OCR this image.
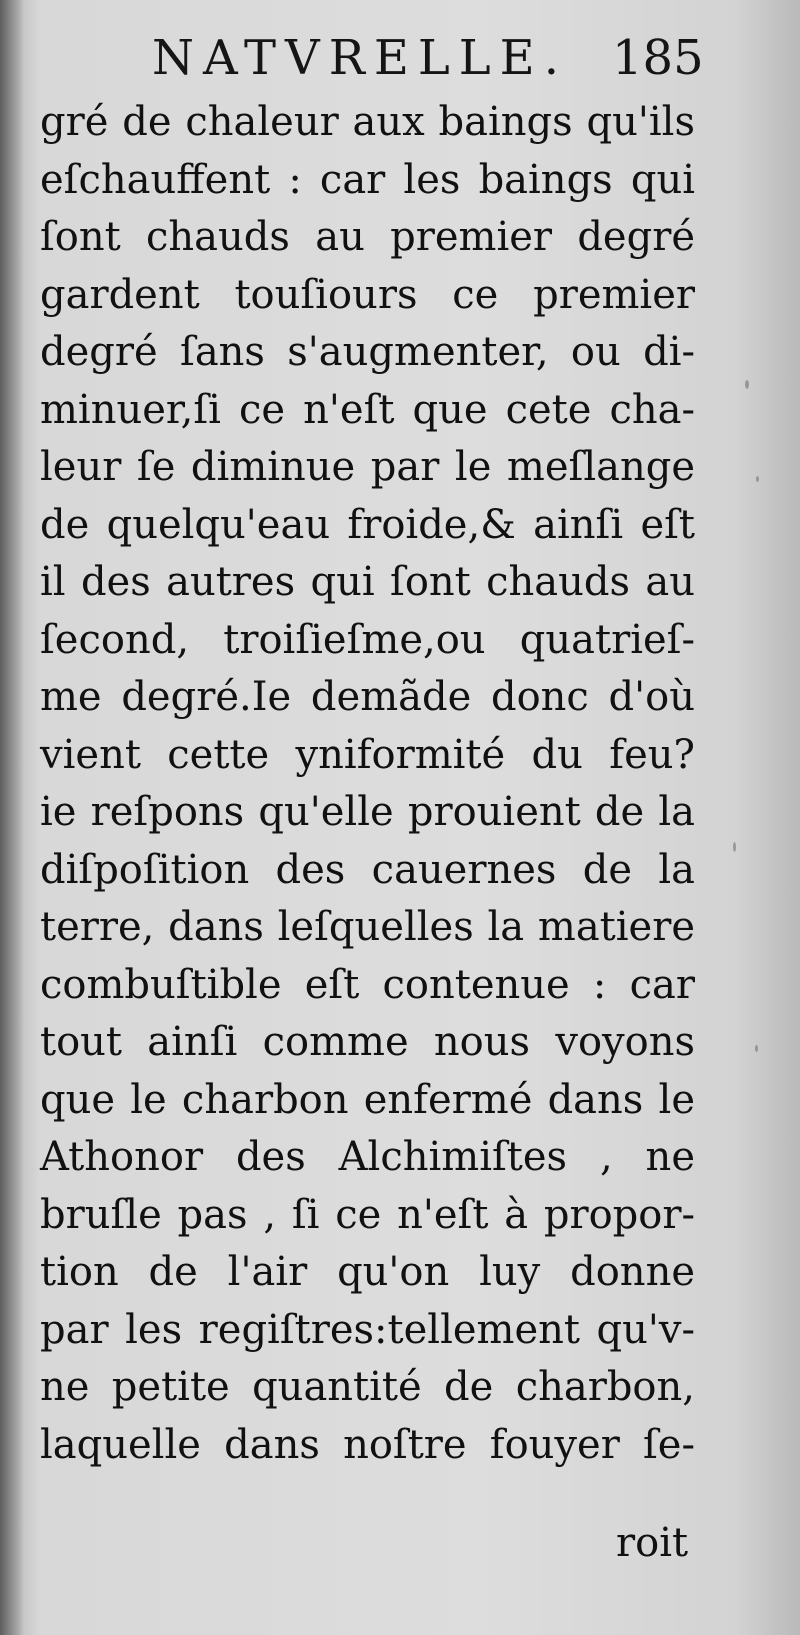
NATVRELLE. 185
gré de chaleur aux baings qu'ils
eſchauffent : car les baings qui
ſont chauds au premier degré
gardent touſiours ce premier
degré ſans s'augmenter, ou di-
minuer,ſi ce n'eſt que cete cha-
leur ſe diminue par le meſlange
de quelqu'eau froide,& ainſi eſt
il des autres qui ſont chauds au
ſecond, troiſieſme,ou quatrieſ-
me degré.Ie demãde donc d'où
vient cette yniformité du feu?
ie reſpons qu'elle prouient de la
diſpoſition des cauernes de la
terre, dans leſquelles la matiere
combuſtible eſt contenue : car
tout ainſi comme nous voyons
que le charbon enfermé dans le
Athonor des Alchimiſtes , ne
bruſle pas , ſi ce n'eſt à propor-
tion de l'air qu'on luy donne
par les regiſtres:tellement qu'v-
ne petite quantité de charbon,
laquelle dans noſtre fouyer ſe-
roit
